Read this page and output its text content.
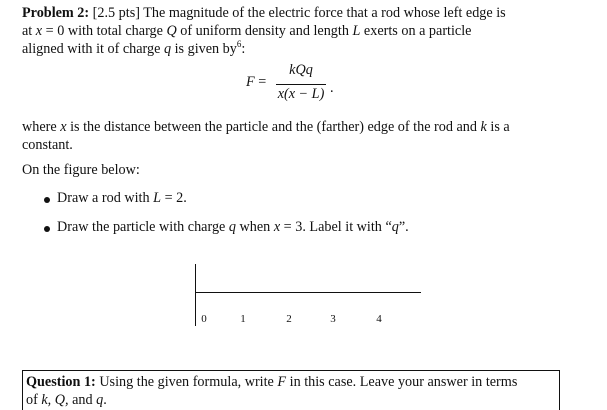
Problem 2: [2.5 pts] The magnitude of the electric force that a rod whose left edge is
at x = 0 with total charge Q of uniform density and length L exerts on a particle
aligned with it of charge q is given $by^6$:
F =
kQq
x(x − L) .
where x is the distance between the particle and the (farther) edge of the rod and k is a
constant.
On the figure below:
Draw a rod with L = 2.
Draw the particle with charge q when x = 3. Label it with “q”.
0	1	2	3	4
Question 1: Using the given formula, write F in this case. Leave your answer in terms
of k, Q, and q.
